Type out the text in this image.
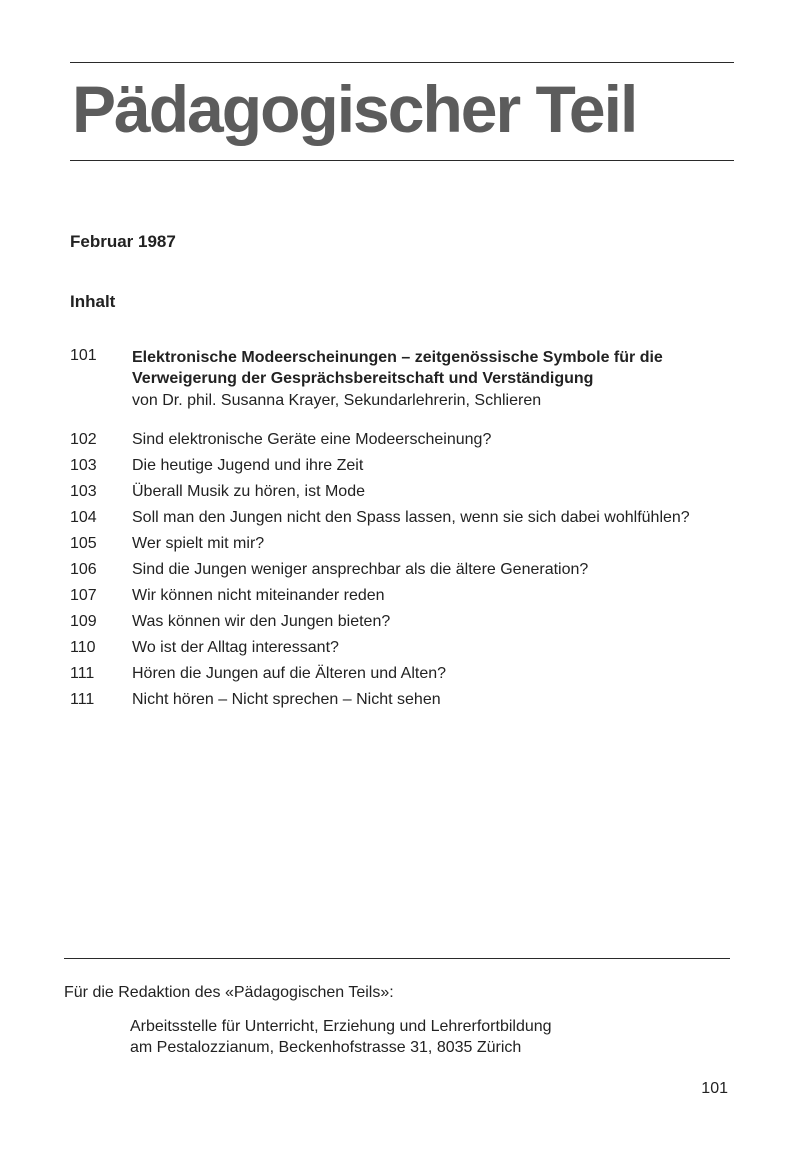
Pädagogischer Teil
Februar 1987
Inhalt
101 Elektronische Modeerscheinungen – zeitgenössische Symbole für die Verweigerung der Gesprächsbereitschaft und Verständigung
von Dr. phil. Susanna Krayer, Sekundarlehrerin, Schlieren
102 Sind elektronische Geräte eine Modeerscheinung?
103 Die heutige Jugend und ihre Zeit
103 Überall Musik zu hören, ist Mode
104 Soll man den Jungen nicht den Spass lassen, wenn sie sich dabei wohlfühlen?
105 Wer spielt mit mir?
106 Sind die Jungen weniger ansprechbar als die ältere Generation?
107 Wir können nicht miteinander reden
109 Was können wir den Jungen bieten?
110 Wo ist der Alltag interessant?
111 Hören die Jungen auf die Älteren und Alten?
111 Nicht hören – Nicht sprechen – Nicht sehen
Für die Redaktion des «Pädagogischen Teils»:
Arbeitsstelle für Unterricht, Erziehung und Lehrerfortbildung
am Pestalozzianum, Beckenhofstrasse 31, 8035 Zürich
101
